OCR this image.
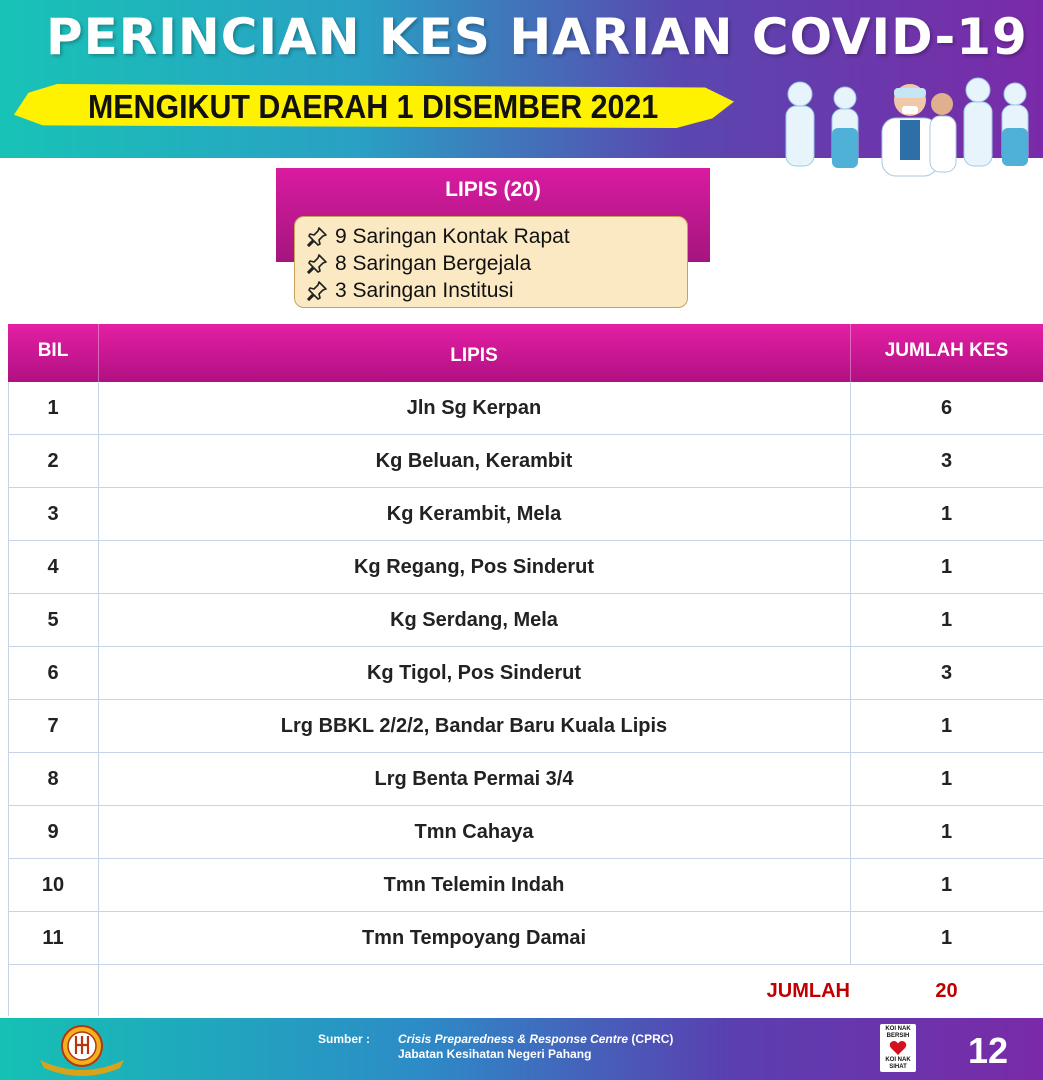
PERINCIAN KES HARIAN COVID-19
MENGIKUT DAERAH 1 DISEMBER 2021
LIPIS (20)
9 Saringan Kontak Rapat
8 Saringan Bergejala
3 Saringan Institusi
BIL	LIPIS	JUMLAH KES
1	Jln Sg Kerpan	6
2	Kg Beluan, Kerambit	3
3	Kg Kerambit, Mela	1
4	Kg Regang, Pos Sinderut	1
5	Kg Serdang, Mela	1
6	Kg Tigol, Pos Sinderut	3
7	Lrg BBKL 2/2/2, Bandar Baru Kuala Lipis	1
8	Lrg Benta Permai 3/4	1
9	Tmn Cahaya	1
10	Tmn Telemin Indah	1
11	Tmn Tempoyang Damai	1
JUMLAH	20
Sumber : Crisis Preparedness & Response Centre (CPRC)
Jabatan Kesihatan Negeri Pahang
KOI NAK
BERSIH
KOI NAK
SIHAT 12
